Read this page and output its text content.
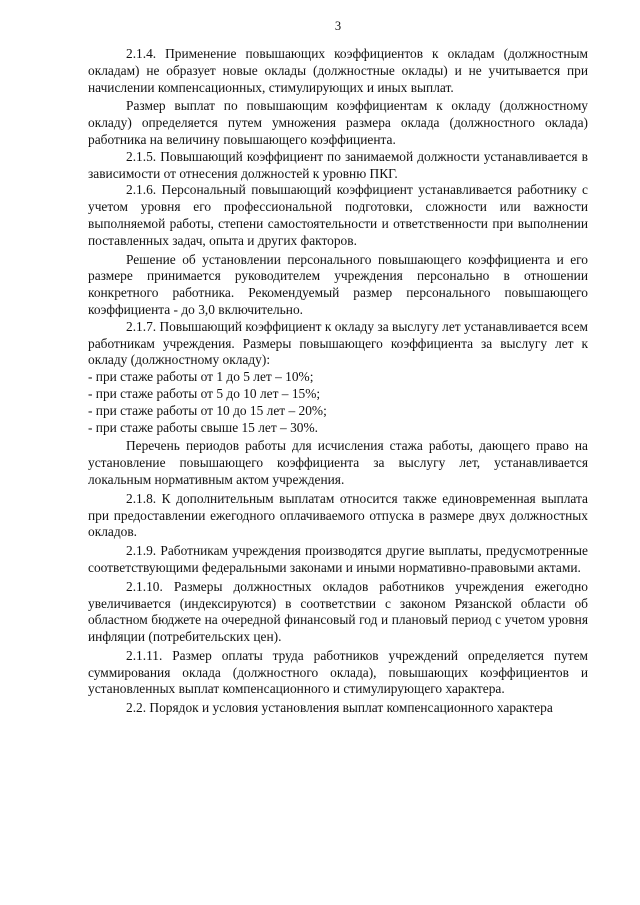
3

2.1.4. Применение повышающих коэффициентов к окладам (должностным окладам) не образует новые оклады (должностные оклады) и не учитывается при начислении компенсационных, стимулирующих и иных выплат.

Размер выплат по повышающим коэффициентам к окладу (должностному окладу) определяется путем умножения размера оклада (должностного оклада) работника на величину повышающего коэффициента.

2.1.5. Повышающий коэффициент по занимаемой должности устанавливается в зависимости от отнесения должностей к уровню ПКГ.

2.1.6. Персональный повышающий коэффициент устанавливается работнику с учетом уровня его профессиональной подготовки, сложности или важности выполняемой работы, степени самостоятельности и ответственности при выполнении поставленных задач, опыта и других факторов.

Решение об установлении персонального повышающего коэффициента и его размере принимается руководителем учреждения персонально в отношении конкретного работника. Рекомендуемый размер персонального повышающего коэффициента - до 3,0 включительно.

2.1.7. Повышающий коэффициент к окладу за выслугу лет устанавливается всем работникам учреждения. Размеры повышающего коэффициента за выслугу лет к окладу (должностному окладу):

- при стаже работы от 1 до 5 лет – 10%;

- при стаже работы от 5 до 10 лет – 15%;

- при стаже работы от 10 до 15 лет – 20%;

- при стаже работы свыше 15 лет – 30%.

Перечень периодов работы для исчисления стажа работы, дающего право на установление повышающего коэффициента за выслугу лет, устанавливается локальным нормативным актом учреждения.

2.1.8. К дополнительным выплатам относится также единовременная выплата при предоставлении ежегодного оплачиваемого отпуска в размере двух должностных окладов.

2.1.9. Работникам учреждения производятся другие выплаты, предусмотренные соответствующими федеральными законами и иными нормативно-правовыми актами.

2.1.10. Размеры должностных окладов работников учреждения ежегодно увеличивается (индексируются) в соответствии с законом Рязанской области об областном бюджете на очередной финансовый год и плановый период с учетом уровня инфляции (потребительских цен).

2.1.11. Размер оплаты труда работников учреждений определяется путем суммирования оклада (должностного оклада), повышающих коэффициентов и установленных выплат компенсационного и стимулирующего характера.

2.2. Порядок и условия установления выплат компенсационного характера
